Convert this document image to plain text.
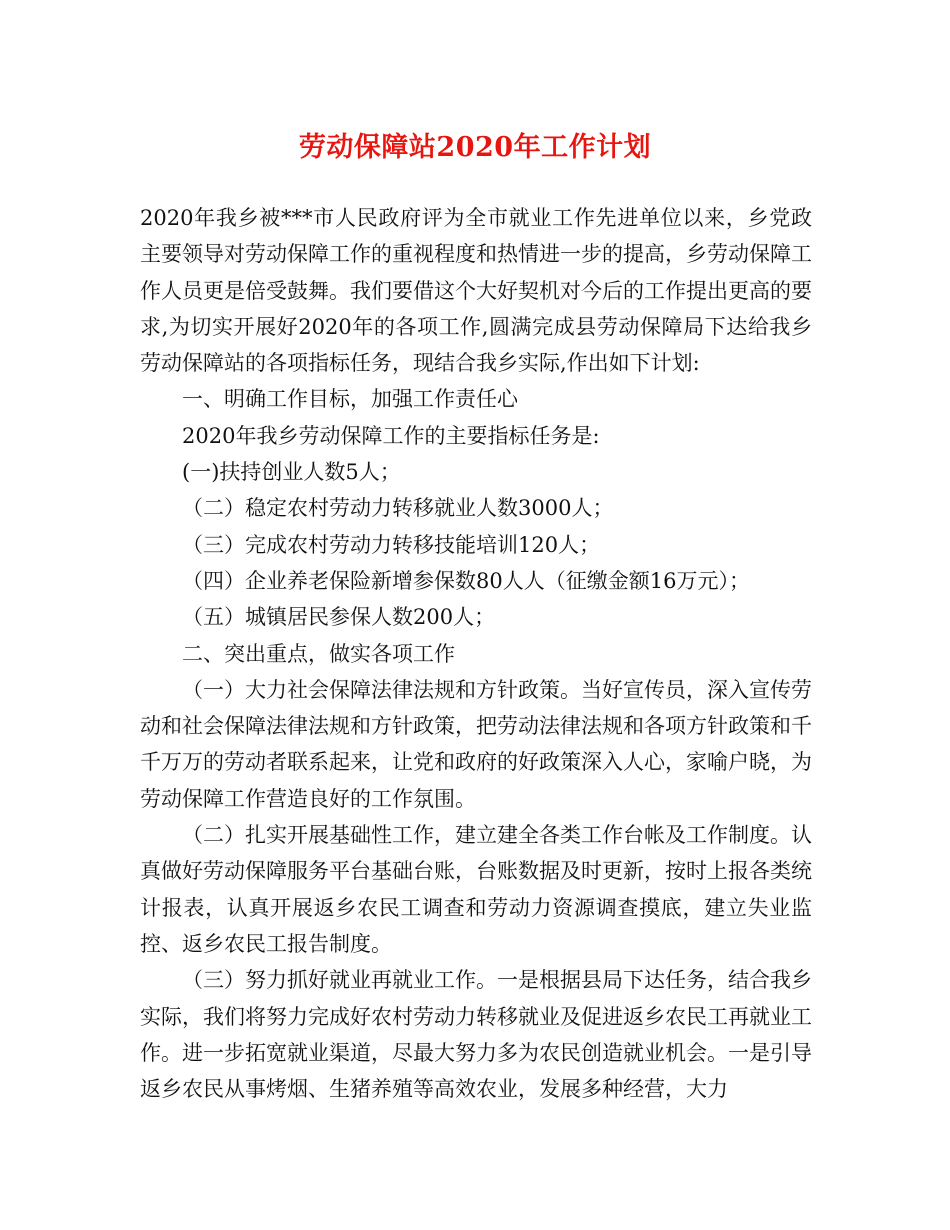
劳动保障站2020年工作计划

2020年我乡被***市人民政府评为全市就业工作先进单位以来，乡党政主要领导对劳动保障工作的重视程度和热情进一步的提高，乡劳动保障工作人员更是倍受鼓舞。我们要借这个大好契机对今后的工作提出更高的要求,为切实开展好2020年的各项工作,圆满完成县劳动保障局下达给我乡劳动保障站的各项指标任务，现结合我乡实际,作出如下计划:

一、明确工作目标，加强工作责任心

2020年我乡劳动保障工作的主要指标任务是:

(一)扶持创业人数5人；

（二）稳定农村劳动力转移就业人数3000人；

（三）完成农村劳动力转移技能培训120人；

（四）企业养老保险新增参保数80人人（征缴金额16万元）；

（五）城镇居民参保人数200人；

二、突出重点，做实各项工作

（一）大力社会保障法律法规和方针政策。当好宣传员，深入宣传劳动和社会保障法律法规和方针政策，把劳动法律法规和各项方针政策和千千万万的劳动者联系起来，让党和政府的好政策深入人心，家喻户晓，为劳动保障工作营造良好的工作氛围。

（二）扎实开展基础性工作，建立建全各类工作台帐及工作制度。认真做好劳动保障服务平台基础台账，台账数据及时更新，按时上报各类统计报表，认真开展返乡农民工调查和劳动力资源调查摸底，建立失业监控、返乡农民工报告制度。

（三）努力抓好就业再就业工作。一是根据县局下达任务，结合我乡实际，我们将努力完成好农村劳动力转移就业及促进返乡农民工再就业工作。进一步拓宽就业渠道，尽最大努力多为农民创造就业机会。一是引导返乡农民从事烤烟、生猪养殖等高效农业，发展多种经营，大力
